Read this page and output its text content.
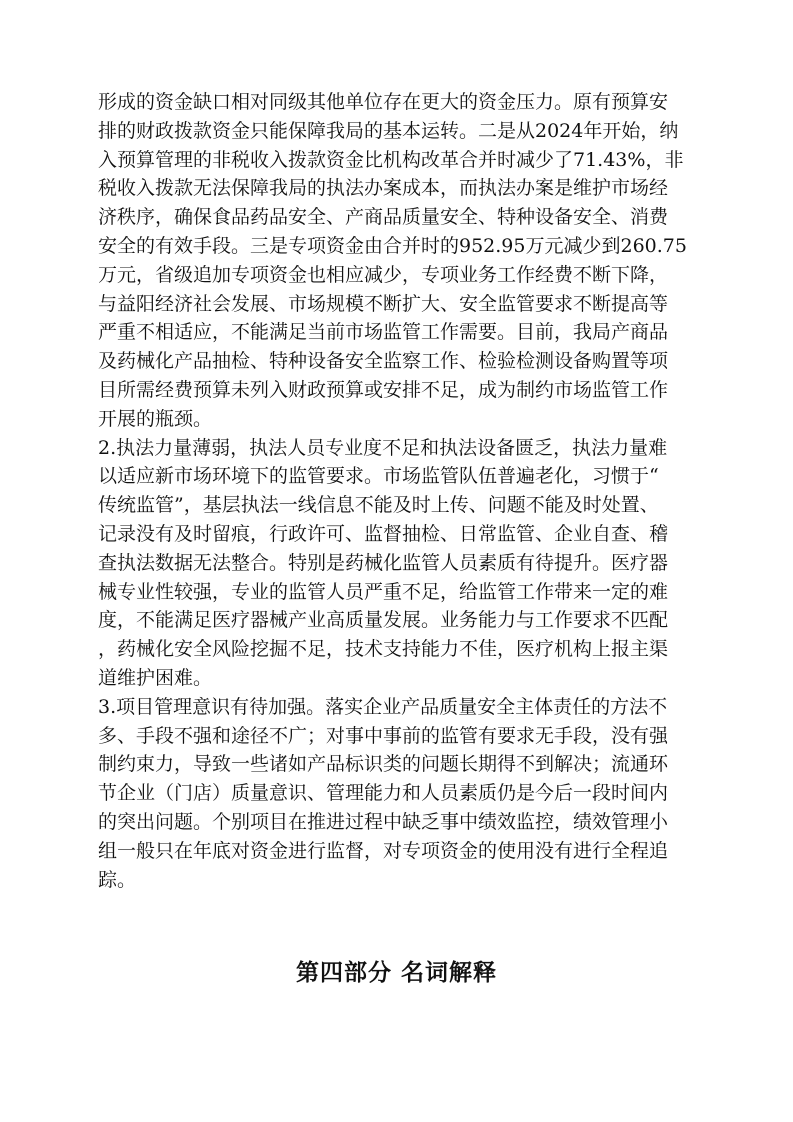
形成的资金缺口相对同级其他单位存在更大的资金压力。原有预算安
排的财政拨款资金只能保障我局的基本运转。二是从2024年开始，纳
入预算管理的非税收入拨款资金比机构改革合并时减少了71.43%，非
税收入拨款无法保障我局的执法办案成本，而执法办案是维护市场经
济秩序，确保食品药品安全、产商品质量安全、特种设备安全、消费
安全的有效手段。三是专项资金由合并时的952.95万元减少到260.75
万元，省级追加专项资金也相应减少，专项业务工作经费不断下降，
与益阳经济社会发展、市场规模不断扩大、安全监管要求不断提高等
严重不相适应，不能满足当前市场监管工作需要。目前，我局产商品
及药械化产品抽检、特种设备安全监察工作、检验检测设备购置等项
目所需经费预算未列入财政预算或安排不足，成为制约市场监管工作
开展的瓶颈。
2.执法力量薄弱，执法人员专业度不足和执法设备匮乏，执法力量难
以适应新市场环境下的监管要求。市场监管队伍普遍老化，习惯于“
传统监管”，基层执法一线信息不能及时上传、问题不能及时处置、
记录没有及时留痕，行政许可、监督抽检、日常监管、企业自查、稽
查执法数据无法整合。特别是药械化监管人员素质有待提升。医疗器
械专业性较强，专业的监管人员严重不足，给监管工作带来一定的难
度，不能满足医疗器械产业高质量发展。业务能力与工作要求不匹配
，药械化安全风险挖掘不足，技术支持能力不佳，医疗机构上报主渠
道维护困难。
3.项目管理意识有待加强。落实企业产品质量安全主体责任的方法不
多、手段不强和途径不广；对事中事前的监管有要求无手段，没有强
制约束力，导致一些诸如产品标识类的问题长期得不到解决；流通环
节企业（门店）质量意识、管理能力和人员素质仍是今后一段时间内
的突出问题。个别项目在推进过程中缺乏事中绩效监控，绩效管理小
组一般只在年底对资金进行监督，对专项资金的使用没有进行全程追
踪。
第四部分 名词解释
